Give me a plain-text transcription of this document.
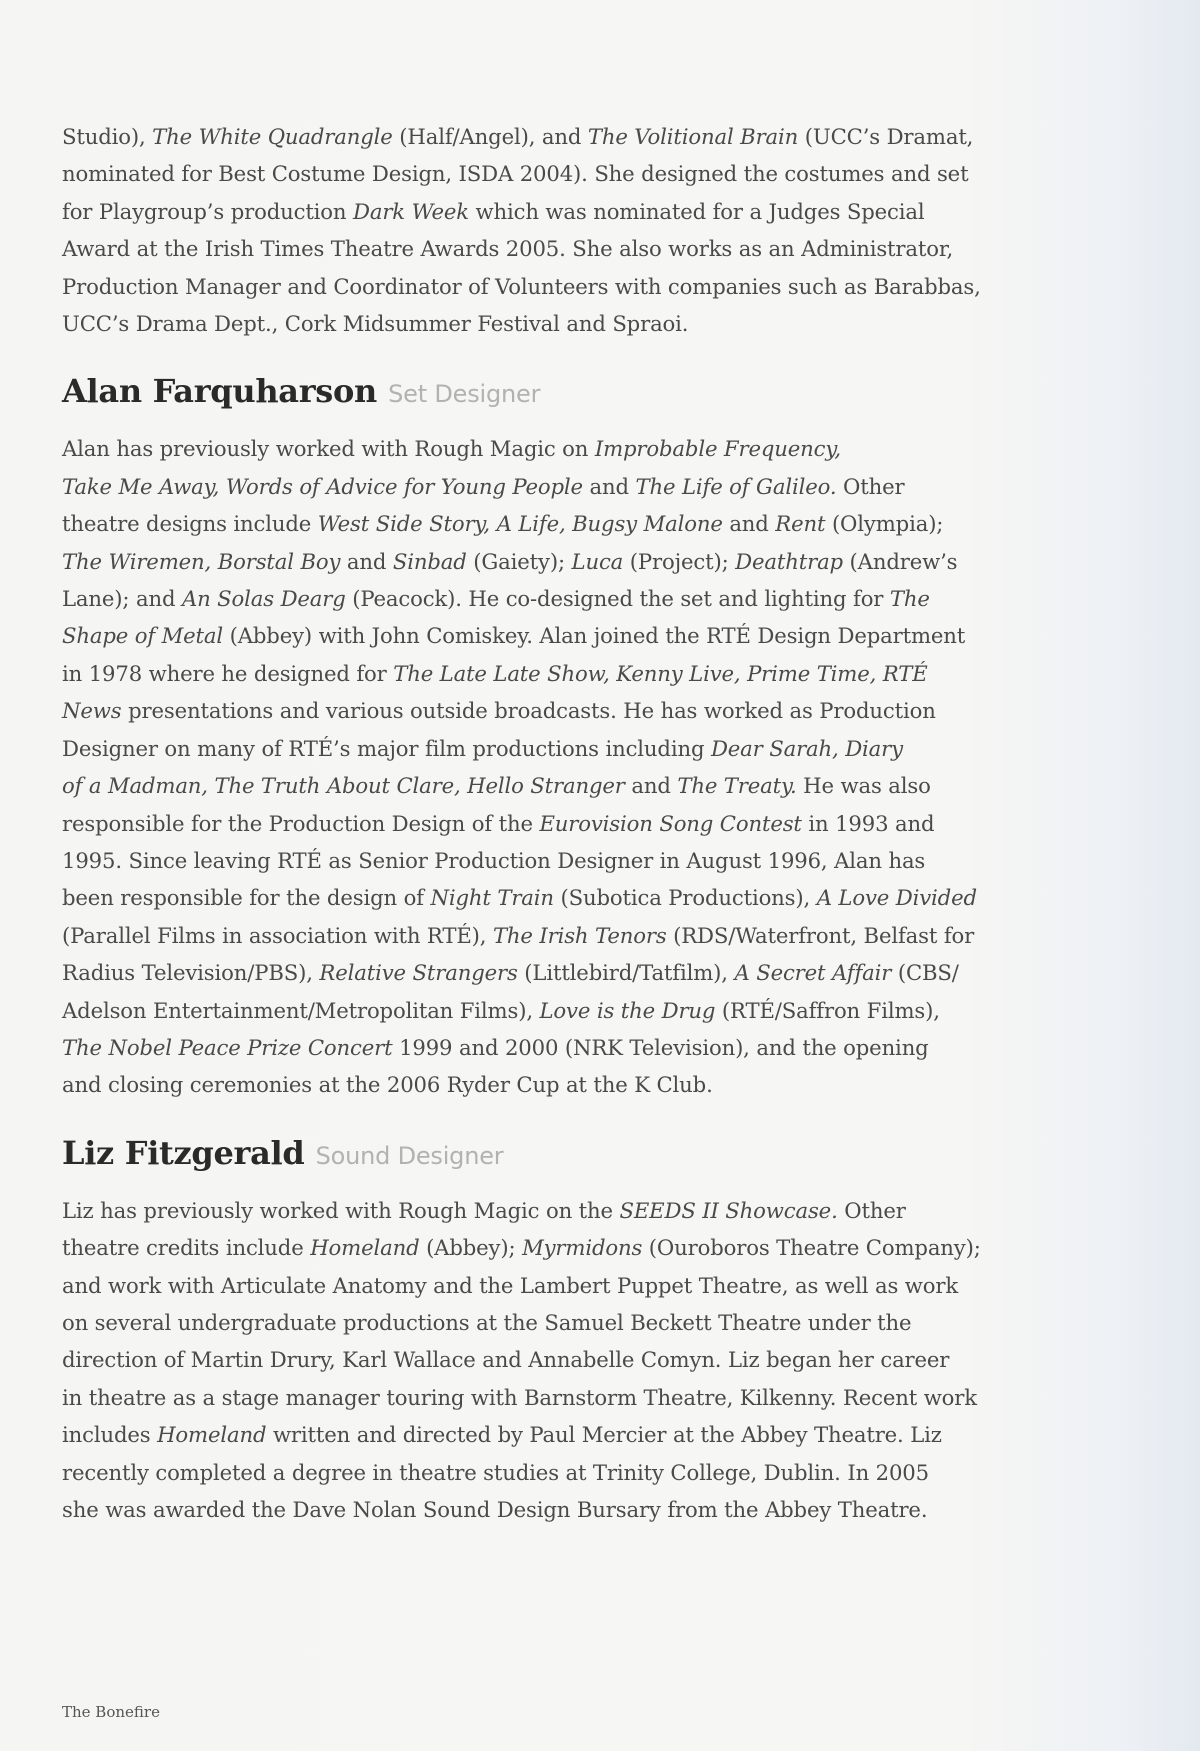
Studio), The White Quadrangle (Half/Angel), and The Volitional Brain (UCC’s Dramat,
nominated for Best Costume Design, ISDA 2004). She designed the costumes and set
for Playgroup’s production Dark Week which was nominated for a Judges Special
Award at the Irish Times Theatre Awards 2005. She also works as an Administrator,
Production Manager and Coordinator of Volunteers with companies such as Barabbas,
UCC’s Drama Dept., Cork Midsummer Festival and Spraoi.

Alan Farquharson Set Designer

Alan has previously worked with Rough Magic on Improbable Frequency,
Take Me Away, Words of Advice for Young People and The Life of Galileo. Other
theatre designs include West Side Story, A Life, Bugsy Malone and Rent (Olympia);
The Wiremen, Borstal Boy and Sinbad (Gaiety); Luca (Project); Deathtrap (Andrew’s
Lane); and An Solas Dearg (Peacock). He co-designed the set and lighting for The
Shape of Metal (Abbey) with John Comiskey. Alan joined the RTÉ Design Department
in 1978 where he designed for The Late Late Show, Kenny Live, Prime Time, RTÉ
News presentations and various outside broadcasts. He has worked as Production
Designer on many of RTÉ’s major film productions including Dear Sarah, Diary
of a Madman, The Truth About Clare, Hello Stranger and The Treaty. He was also
responsible for the Production Design of the Eurovision Song Contest in 1993 and
1995. Since leaving RTÉ as Senior Production Designer in August 1996, Alan has
been responsible for the design of Night Train (Subotica Productions), A Love Divided
(Parallel Films in association with RTÉ), The Irish Tenors (RDS/Waterfront, Belfast for
Radius Television/PBS), Relative Strangers (Littlebird/Tatfilm), A Secret Affair (CBS/
Adelson Entertainment/Metropolitan Films), Love is the Drug (RTÉ/Saffron Films),
The Nobel Peace Prize Concert 1999 and 2000 (NRK Television), and the opening
and closing ceremonies at the 2006 Ryder Cup at the K Club.

Liz Fitzgerald Sound Designer

Liz has previously worked with Rough Magic on the SEEDS II Showcase. Other
theatre credits include Homeland (Abbey); Myrmidons (Ouroboros Theatre Company);
and work with Articulate Anatomy and the Lambert Puppet Theatre, as well as work
on several undergraduate productions at the Samuel Beckett Theatre under the
direction of Martin Drury, Karl Wallace and Annabelle Comyn. Liz began her career
in theatre as a stage manager touring with Barnstorm Theatre, Kilkenny. Recent work
includes Homeland written and directed by Paul Mercier at the Abbey Theatre. Liz
recently completed a degree in theatre studies at Trinity College, Dublin. In 2005
she was awarded the Dave Nolan Sound Design Bursary from the Abbey Theatre.

The Bonefire
